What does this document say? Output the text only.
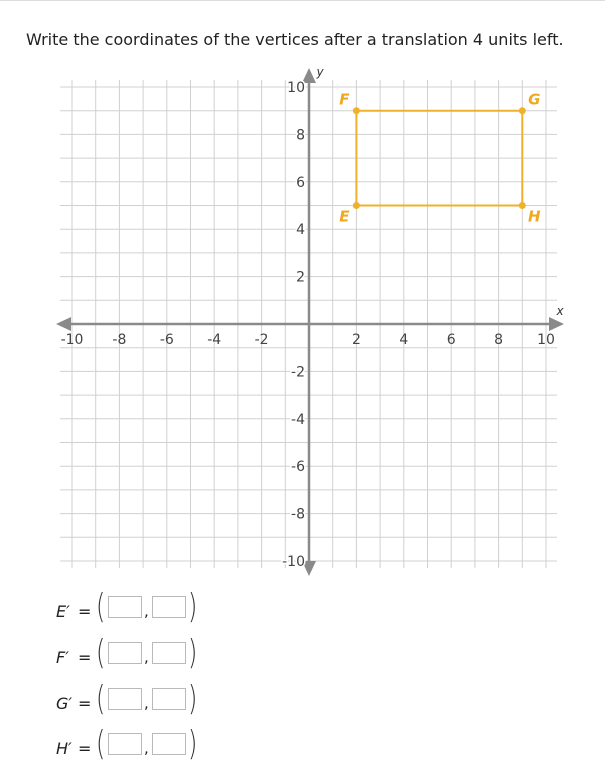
Write the coordinates of the vertices after a translation 4 units left.
x
y
-10 -8 -6 -4 -2	2	4	6	8 10
10
8
6
4
2
-2
-4
-6
-8
-10
F	G
H
E
E′ = (	, )
F′ = (	, )
G′ = (	, )
H′ = (	, )
